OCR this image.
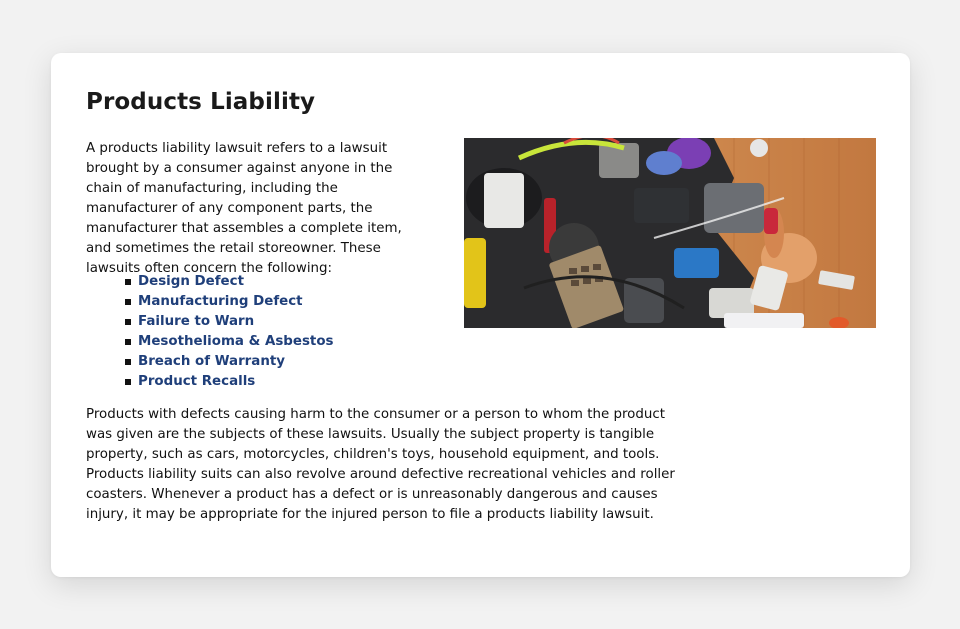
Products Liability

A products liability lawsuit refers to a lawsuit brought by a consumer against anyone in the chain of manufacturing, including the manufacturer of any component parts, the manufacturer that assembles a complete item, and sometimes the retail storeowner. These lawsuits often concern the following:

Design Defect
Manufacturing Defect
Failure to Warn
Mesothelioma & Asbestos
Breach of Warranty
Product Recalls

Products with defects causing harm to the consumer or a person to whom the product was given are the subjects of these lawsuits. Usually the subject property is tangible property, such as cars, motorcycles, children's toys, household equipment, and tools. Products liability suits can also revolve around defective recreational vehicles and roller coasters. Whenever a product has a defect or is unreasonably dangerous and causes injury, it may be appropriate for the injured person to file a products liability lawsuit.
